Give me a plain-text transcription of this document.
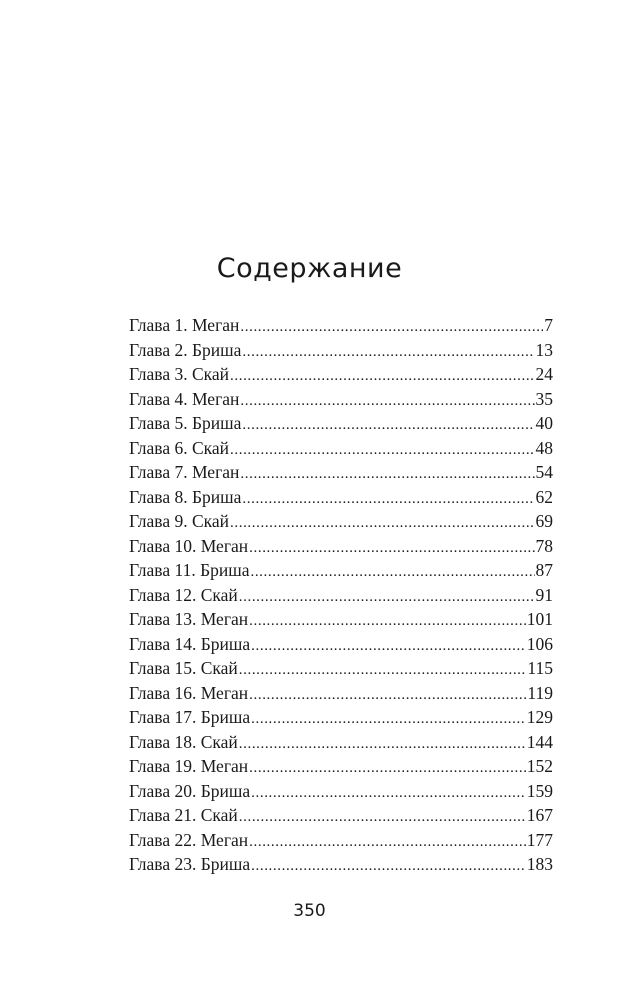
Содержание
Глава 1. Меган .....	7
Глава 2. Бриша .....	13
Глава 3. Скай .....	24
Глава 4. Меган .....	35
Глава 5. Бриша .....	40
Глава 6. Скай .....	48
Глава 7. Меган .....	54
Глава 8. Бриша .....	62
Глава 9. Скай .....	69
Глава 10. Меган .....	78
Глава 11. Бриша .....	87
Глава 12. Скай .....	91
Глава 13. Меган .....	101
Глава 14. Бриша .....	106
Глава 15. Скай .....	115
Глава 16. Меган .....	119
Глава 17. Бриша .....	129
Глава 18. Скай .....	144
Глава 19. Меган .....	152
Глава 20. Бриша .....	159
Глава 21. Скай .....	167
Глава 22. Меган .....	177
Глава 23. Бриша .....	183
350
